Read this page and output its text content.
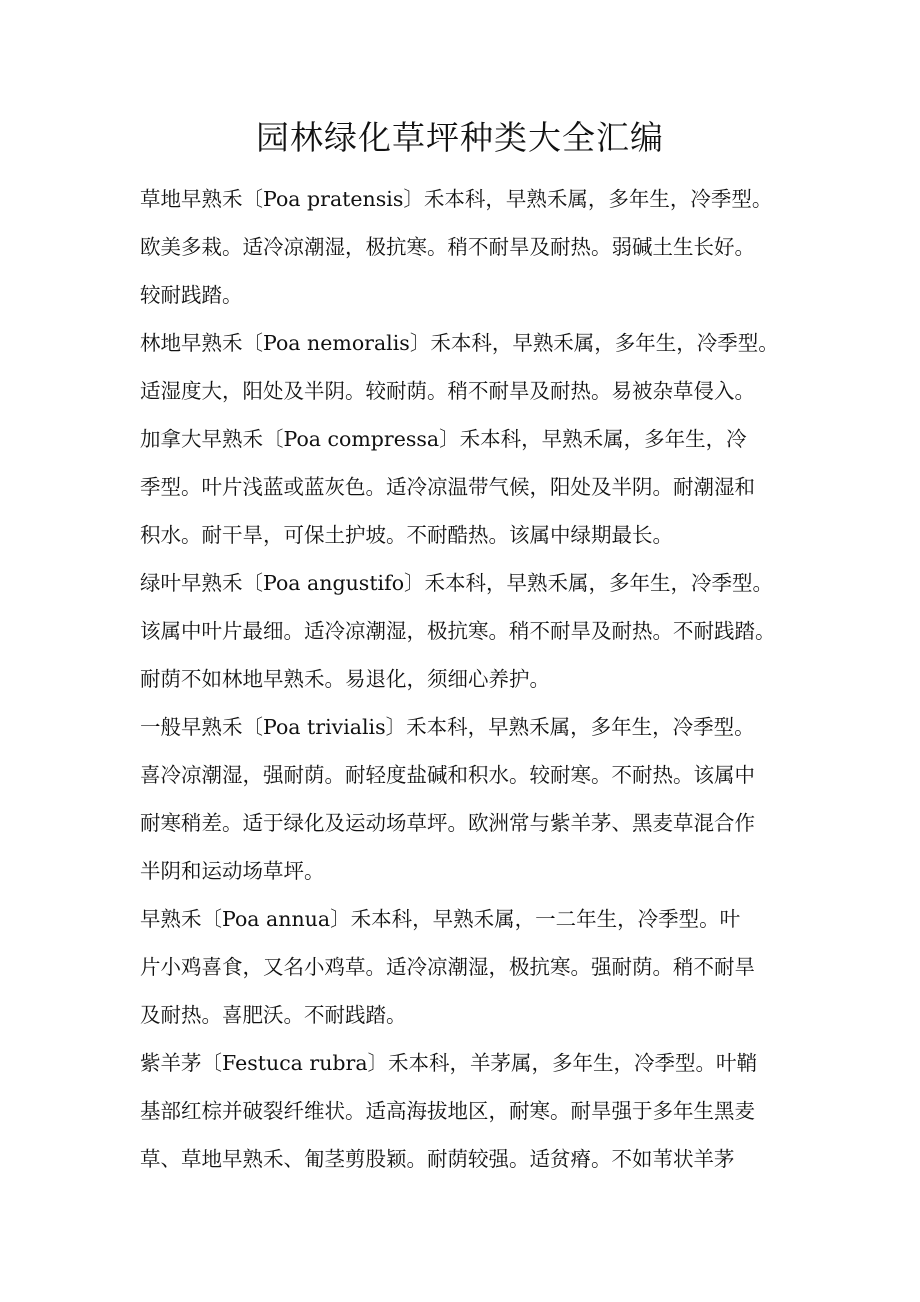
园林绿化草坪种类大全汇编
草地早熟禾〔Poa pratensis〕禾本科，早熟禾属，多年生，冷季型。
欧美多栽。适冷凉潮湿，极抗寒。稍不耐旱及耐热。弱碱土生长好。
较耐践踏。
林地早熟禾〔Poa nemoralis〕禾本科，早熟禾属，多年生，冷季型。
适湿度大，阳处及半阴。较耐荫。稍不耐旱及耐热。易被杂草侵入。
加拿大早熟禾〔Poa compressa〕禾本科，早熟禾属，多年生，冷
季型。叶片浅蓝或蓝灰色。适冷凉温带气候，阳处及半阴。耐潮湿和
积水。耐干旱，可保土护坡。不耐酷热。该属中绿期最长。
绿叶早熟禾〔Poa angustifo〕禾本科，早熟禾属，多年生，冷季型。
该属中叶片最细。适冷凉潮湿，极抗寒。稍不耐旱及耐热。不耐践踏。
耐荫不如林地早熟禾。易退化，须细心养护。
一般早熟禾〔Poa trivialis〕禾本科，早熟禾属，多年生，冷季型。
喜冷凉潮湿，强耐荫。耐轻度盐碱和积水。较耐寒。不耐热。该属中
耐寒稍差。适于绿化及运动场草坪。欧洲常与紫羊茅、黑麦草混合作
半阴和运动场草坪。
早熟禾〔Poa annua〕禾本科，早熟禾属，一二年生，冷季型。叶
片小鸡喜食，又名小鸡草。适冷凉潮湿，极抗寒。强耐荫。稍不耐旱
及耐热。喜肥沃。不耐践踏。
紫羊茅〔Festuca rubra〕禾本科，羊茅属，多年生，冷季型。叶鞘
基部红棕并破裂纤维状。适高海拔地区，耐寒。耐旱强于多年生黑麦
草、草地早熟禾、匍茎剪股颖。耐荫较强。适贫瘠。不如苇状羊茅
